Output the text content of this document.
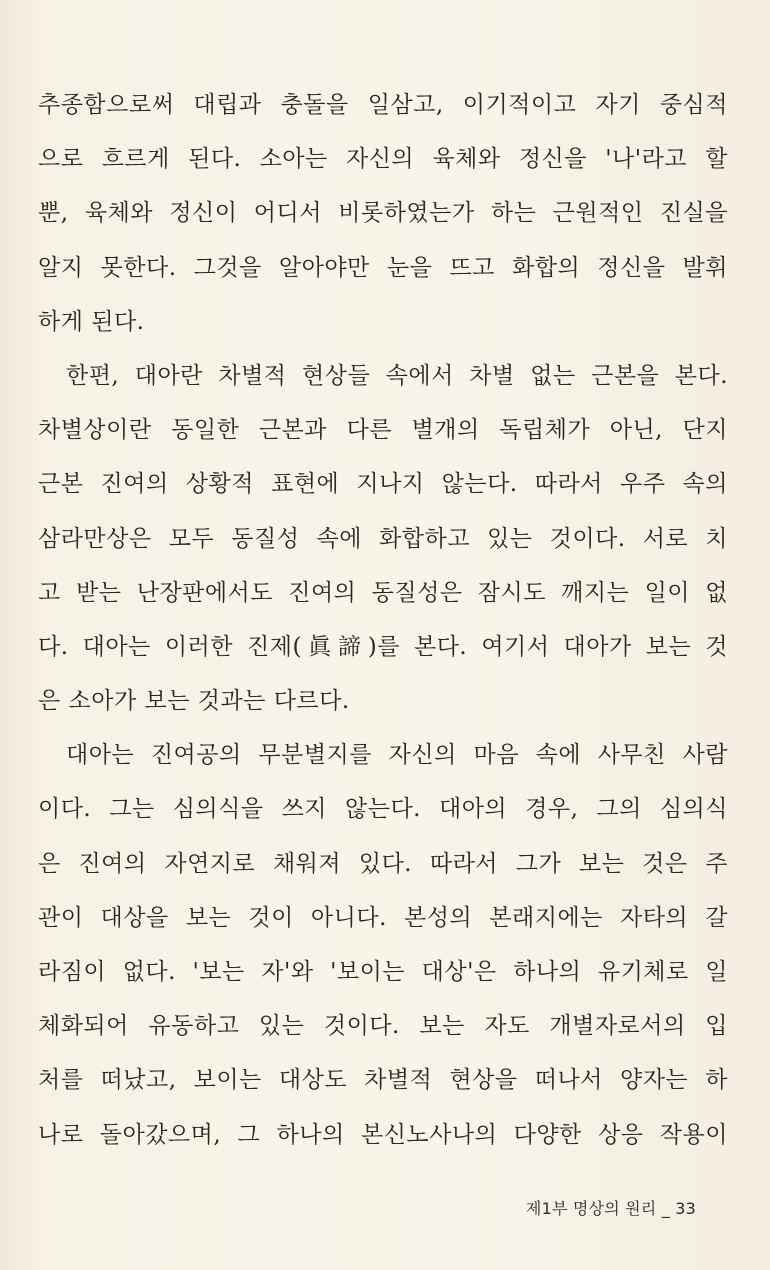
추종함으로써 대립과 충돌을 일삼고, 이기적이고 자기 중심적
으로 흐르게 된다. 소아는 자신의 육체와 정신을 '나'라고 할
뿐, 육체와 정신이 어디서 비롯하였는가 하는 근원적인 진실을
알지 못한다. 그것을 알아야만 눈을 뜨고 화합의 정신을 발휘
하게 된다.
한편, 대아란 차별적 현상들 속에서 차별 없는 근본을 본다.
차별상이란 동일한 근본과 다른 별개의 독립체가 아닌, 단지
근본 진여의 상황적 표현에 지나지 않는다. 따라서 우주 속의
삼라만상은 모두 동질성 속에 화합하고 있는 것이다. 서로 치
고 받는 난장판에서도 진여의 동질성은 잠시도 깨지는 일이 없
다. 대아는 이러한 진제(眞諦)를 본다. 여기서 대아가 보는 것
은 소아가 보는 것과는 다르다.
대아는 진여공의 무분별지를 자신의 마음 속에 사무친 사람
이다. 그는 심의식을 쓰지 않는다. 대아의 경우, 그의 심의식
은 진여의 자연지로 채워져 있다. 따라서 그가 보는 것은 주
관이 대상을 보는 것이 아니다. 본성의 본래지에는 자타의 갈
라짐이 없다. '보는 자'와 '보이는 대상'은 하나의 유기체로 일
체화되어 유동하고 있는 것이다. 보는 자도 개별자로서의 입
처를 떠났고, 보이는 대상도 차별적 현상을 떠나서 양자는 하
나로 돌아갔으며, 그 하나의 본신노사나의 다양한 상응 작용이
제1부 명상의 원리 _ 33
